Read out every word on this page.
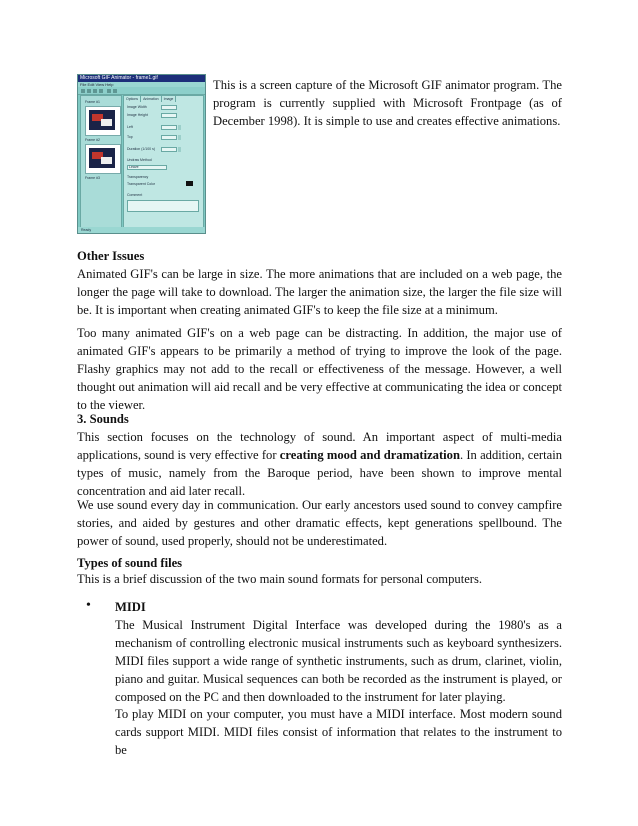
Microsoft GIF Animator - frame1.gif
File Edit View Help
Frame #1
Frame #2
Frame #3
Options Animation Image
Image Width
Image Height
Left
Top
Duration (1/100 s)
Undraw Method
Leave
Transparency
Transparent Color
Comment
Ready

This is a screen capture of the Microsoft GIF animator program. The program is currently supplied with Microsoft Frontpage (as of December 1998). It is simple to use and creates effective animations.

Other Issues

Animated GIF's can be large in size. The more animations that are included on a web page, the longer the page will take to download. The larger the animation size, the larger the file size will be. It is important when creating animated GIF's to keep the file size at a minimum.

Too many animated GIF's on a web page can be distracting. In addition, the major use of animated GIF's appears to be primarily a method of trying to improve the look of the page. Flashy graphics may not add to the recall or effectiveness of the message. However, a well thought out animation will aid recall and be very effective at communicating the idea or concept to the viewer.

3. Sounds

This section focuses on the technology of sound. An important aspect of multi-media applications, sound is very effective for creating mood and dramatization. In addition, certain types of music, namely from the Baroque period, have been shown to improve mental concentration and aid later recall.

We use sound every day in communication. Our early ancestors used sound to convey campfire stories, and aided by gestures and other dramatic effects, kept generations spellbound. The power of sound, used properly, should not be underestimated.

Types of sound files

This is a brief discussion of the two main sound formats for personal computers.

• MIDI

The Musical Instrument Digital Interface was developed during the 1980's as a mechanism of controlling electronic musical instruments such as keyboard synthesizers. MIDI files support a wide range of synthetic instruments, such as drum, clarinet, violin, piano and guitar. Musical sequences can both be recorded as the instrument is played, or composed on the PC and then downloaded to the instrument for later playing.

To play MIDI on your computer, you must have a MIDI interface. Most modern sound cards support MIDI. MIDI files consist of information that relates to the instrument to be
